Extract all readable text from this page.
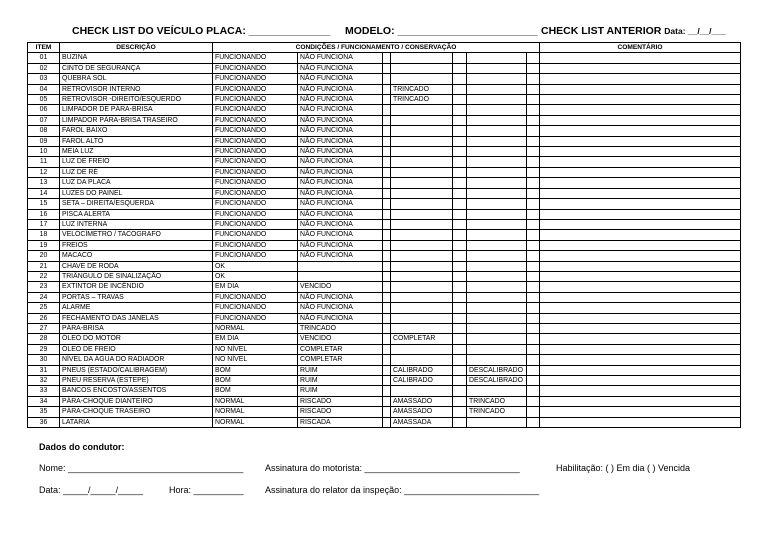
CHECK LIST DO VEÍCULO PLACA: ______________ MODELO: ________________________ CHECK LIST ANTERIOR Data: __/__/___
ITEM	DESCRIÇÃO	CONDIÇÕES / FUNCIONAMENTO / CONSERVAÇÃO							COMENTÁRIO
01	BUZINA	FUNCIONANDO	NÃO FUNCIONA						
02	CINTO DE SEGURANÇA	FUNCIONANDO	NÃO FUNCIONA						
03	QUEBRA SOL	FUNCIONANDO	NÃO FUNCIONA						
04	RETROVISOR INTERNO	FUNCIONANDO	NÃO FUNCIONA		TRINCADO				
05	RETROVISOR -DIREITO/ESQUERDO	FUNCIONANDO	NÃO FUNCIONA		TRINCADO				
06	LIMPADOR DE PÁRA-BRISA	FUNCIONANDO	NÃO FUNCIONA						
07	LIMPADOR PÁRA-BRISA TRASEIRO	FUNCIONANDO	NÃO FUNCIONA						
08	FAROL BAIXO	FUNCIONANDO	NÃO FUNCIONA						
09	FAROL ALTO	FUNCIONANDO	NÃO FUNCIONA						
10	MEIA LUZ	FUNCIONANDO	NÃO FUNCIONA						
11	LUZ DE FREIO	FUNCIONANDO	NÃO FUNCIONA						
12	LUZ DE RÉ	FUNCIONANDO	NÃO FUNCIONA						
13	LUZ DA PLACA	FUNCIONANDO	NÃO FUNCIONA						
14	LUZES DO PAINEL	FUNCIONANDO	NÃO FUNCIONA						
15	SETA – DIREITA/ESQUERDA	FUNCIONANDO	NÃO FUNCIONA						
16	PISCA ALERTA	FUNCIONANDO	NÃO FUNCIONA						
17	LUZ INTERNA	FUNCIONANDO	NÃO FUNCIONA						
18	VELOCÍMETRO / TACÓGRAFO	FUNCIONANDO	NÃO FUNCIONA						
19	FREIOS	FUNCIONANDO	NÃO FUNCIONA						
20	MACACO	FUNCIONANDO	NÃO FUNCIONA						
21	CHAVE DE RODA	OK							
22	TRIÂNGULO DE SINALIZAÇÃO	OK							
23	EXTINTOR DE INCÊNDIO	EM DIA	VENCIDO						
24	PORTAS – TRAVAS	FUNCIONANDO	NÃO FUNCIONA						
25	ALARME	FUNCIONANDO	NÃO FUNCIONA						
26	FECHAMENTO DAS JANELAS	FUNCIONANDO	NÃO FUNCIONA						
27	PÁRA-BRISA	NORMAL	TRINCADO						
28	ÓLEO DO MOTOR	EM DIA	VENCIDO		COMPLETAR				
29	ÓLEO DE FREIO	NO NÍVEL	COMPLETAR						
30	NÍVEL DA ÁGUA DO RADIADOR	NO NÍVEL	COMPLETAR						
31	PNEUS (ESTADO/CALIBRAGEM)	BOM	RUIM		CALIBRADO		DESCALIBRADO		
32	PNEU RESERVA (ESTEPE)	BOM	RUIM		CALIBRADO		DESCALIBRADO		
33	BANCOS ENCOSTO/ASSENTOS	BOM	RUIM						
34	PÁRA-CHOQUE DIANTEIRO	NORMAL	RISCADO		AMASSADO		TRINCADO		
35	PÁRA-CHOQUE TRASEIRO	NORMAL	RISCADO		AMASSADO		TRINCADO		
36	LATARIA	NORMAL	RISCADA		AMASSADA				
Dados do condutor:
Nome: ___________________________________ Assinatura do motorista: _______________________________	Habilitação: ( ) Em dia ( ) Vencida
Data: _____/_____/_____	Hora: __________ Assinatura do relator da inspeção: ___________________________
